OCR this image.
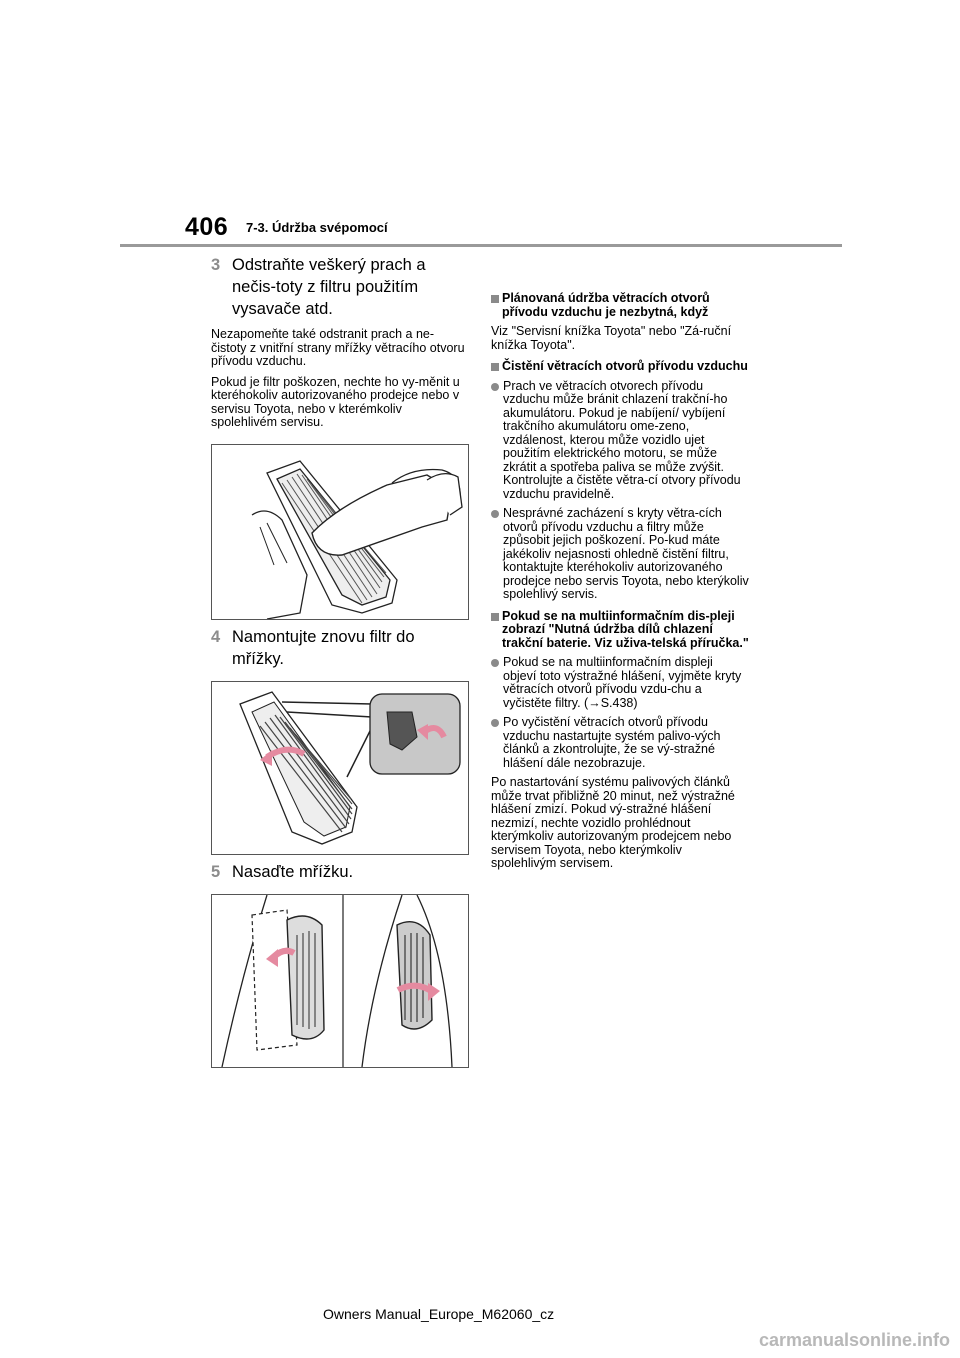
406 7-3. Údržba svépomocí
3 Odstraňte veškerý prach a nečis-toty z filtru použitím vysavače atd.

Nezapomeňte také odstranit prach a ne-čistoty z vnitřní strany mřížky větracího otvoru přívodu vzduchu.

Pokud je filtr poškozen, nechte ho vy-měnit u kteréhokoliv autorizovaného prodejce nebo v servisu Toyota, nebo v kterémkoliv spolehlivém servisu.

4 Namontujte znovu filtr do mřížky.
5 Nasaďte mřížku.
Plánovaná údržba větracích otvorů přívodu vzduchu je nezbytná, když

Viz "Servisní knížka Toyota" nebo "Zá-ruční knížka Toyota".

Čistění větracích otvorů přívodu vzduchu
Prach ve větracích otvorech přívodu vzduchu může bránit chlazení trakční-ho akumulátoru. Pokud je nabíjení/ vybíjení trakčního akumulátoru ome-zeno, vzdálenost, kterou může vozidlo ujet použitím elektrického motoru, se může zkrátit a spotřeba paliva se může zvýšit. Kontrolujte a čistěte větra-cí otvory přívodu vzduchu pravidelně.
Nesprávné zacházení s kryty větra-cích otvorů přívodu vzduchu a filtry může způsobit jejich poškození. Po-kud máte jakékoliv nejasnosti ohledně čistění filtru, kontaktujte kteréhokoliv autorizovaného prodejce nebo servis Toyota, nebo kterýkoliv spolehlivý servis.
Pokud se na multiinformačním dis-pleji zobrazí "Nutná údržba dílů chlazení trakční baterie. Viz uživa-telská příručka."
Pokud se na multiinformačním displeji objeví toto výstražné hlášení, vyjměte kryty větracích otvorů přívodu vzdu-chu a vyčistěte filtry. (→S.438)
Po vyčistění větracích otvorů přívodu vzduchu nastartujte systém palivo-vých článků a zkontrolujte, že se vý-stražné hlášení dále nezobrazuje.

Po nastartování systému palivových článků může trvat přibližně 20 minut, než výstražné hlášení zmizí. Pokud vý-stražné hlášení nezmizí, nechte vozidlo prohlédnout kterýmkoliv autorizovaným prodejcem nebo servisem Toyota, nebo kterýmkoliv spolehlivým servisem.

Owners Manual_Europe_M62060_cz
carmanualsonline.info
